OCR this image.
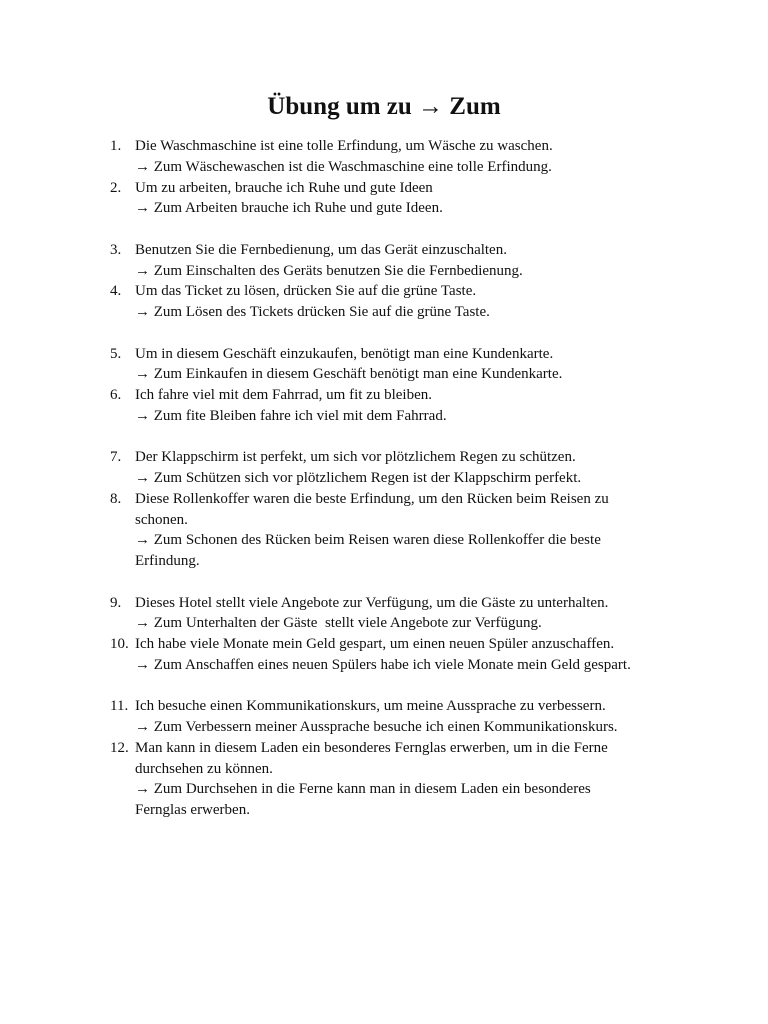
Übung um zu → Zum
1. Die Waschmaschine ist eine tolle Erfindung, um Wäsche zu waschen.
→ Zum Wäschewaschen ist die Waschmaschine eine tolle Erfindung.
2. Um zu arbeiten, brauche ich Ruhe und gute Ideen
→ Zum Arbeiten brauche ich Ruhe und gute Ideen.
3. Benutzen Sie die Fernbedienung, um das Gerät einzuschalten.
→ Zum Einschalten des Geräts benutzen Sie die Fernbedienung.
4. Um das Ticket zu lösen, drücken Sie auf die grüne Taste.
→ Zum Lösen des Tickets drücken Sie auf die grüne Taste.
5. Um in diesem Geschäft einzukaufen, benötigt man eine Kundenkarte.
→ Zum Einkaufen in diesem Geschäft benötigt man eine Kundenkarte.
6. Ich fahre viel mit dem Fahrrad, um fit zu bleiben.
→ Zum fite Bleiben fahre ich viel mit dem Fahrrad.
7. Der Klappschirm ist perfekt, um sich vor plötzlichem Regen zu schützen.
→ Zum Schützen sich vor plötzlichem Regen ist der Klappschirm perfekt.
8. Diese Rollenkoffer waren die beste Erfindung, um den Rücken beim Reisen zu
schonen.
→ Zum Schonen des Rücken beim Reisen waren diese Rollenkoffer die beste
Erfindung.
9. Dieses Hotel stellt viele Angebote zur Verfügung, um die Gäste zu unterhalten.
→ Zum Unterhalten der Gäste  stellt viele Angebote zur Verfügung.
10. Ich habe viele Monate mein Geld gespart, um einen neuen Spüler anzuschaffen.
→ Zum Anschaffen eines neuen Spülers habe ich viele Monate mein Geld gespart.
11. Ich besuche einen Kommunikationskurs, um meine Aussprache zu verbessern.
→ Zum Verbessern meiner Aussprache besuche ich einen Kommunikationskurs.
12. Man kann in diesem Laden ein besonderes Fernglas erwerben, um in die Ferne
durchsehen zu können.
→ Zum Durchsehen in die Ferne kann man in diesem Laden ein besonderes
Fernglas erwerben.
